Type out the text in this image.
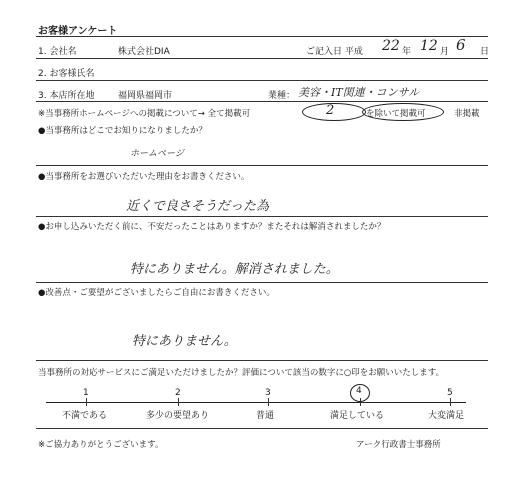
お客様アンケート
1. 会社名	株式会社DIA	ご記入日 平成 22 年 12 月 6 日
2. お客様氏名
3. 本店所在地	福岡県福岡市	業種： 美容・IT関連・コンサル
※当事務所ホームページへの掲載について→ 全て掲載可	2	を除いて掲載可	非掲載
●当事務所はどこでお知りになりましたか？
ホームページ
●当事務所をお選びいただいた理由をお書きください。
近くで良さそうだった為
●お申し込みいただく前に、不安だったことはありますか？またそれは解消されましたか？
特にありません。解消されました。
●改善点・ご要望がございましたらご自由にお書きください。
特にありません。
当事務所の対応サービスにご満足いただけましたか？評価について該当の数字に○印をお願いいたします。
1
不満である
2
多少の要望あり
3
普通
4
満足している
5
大変満足
※ご協力ありがとうございます。	アーク行政書士事務所
